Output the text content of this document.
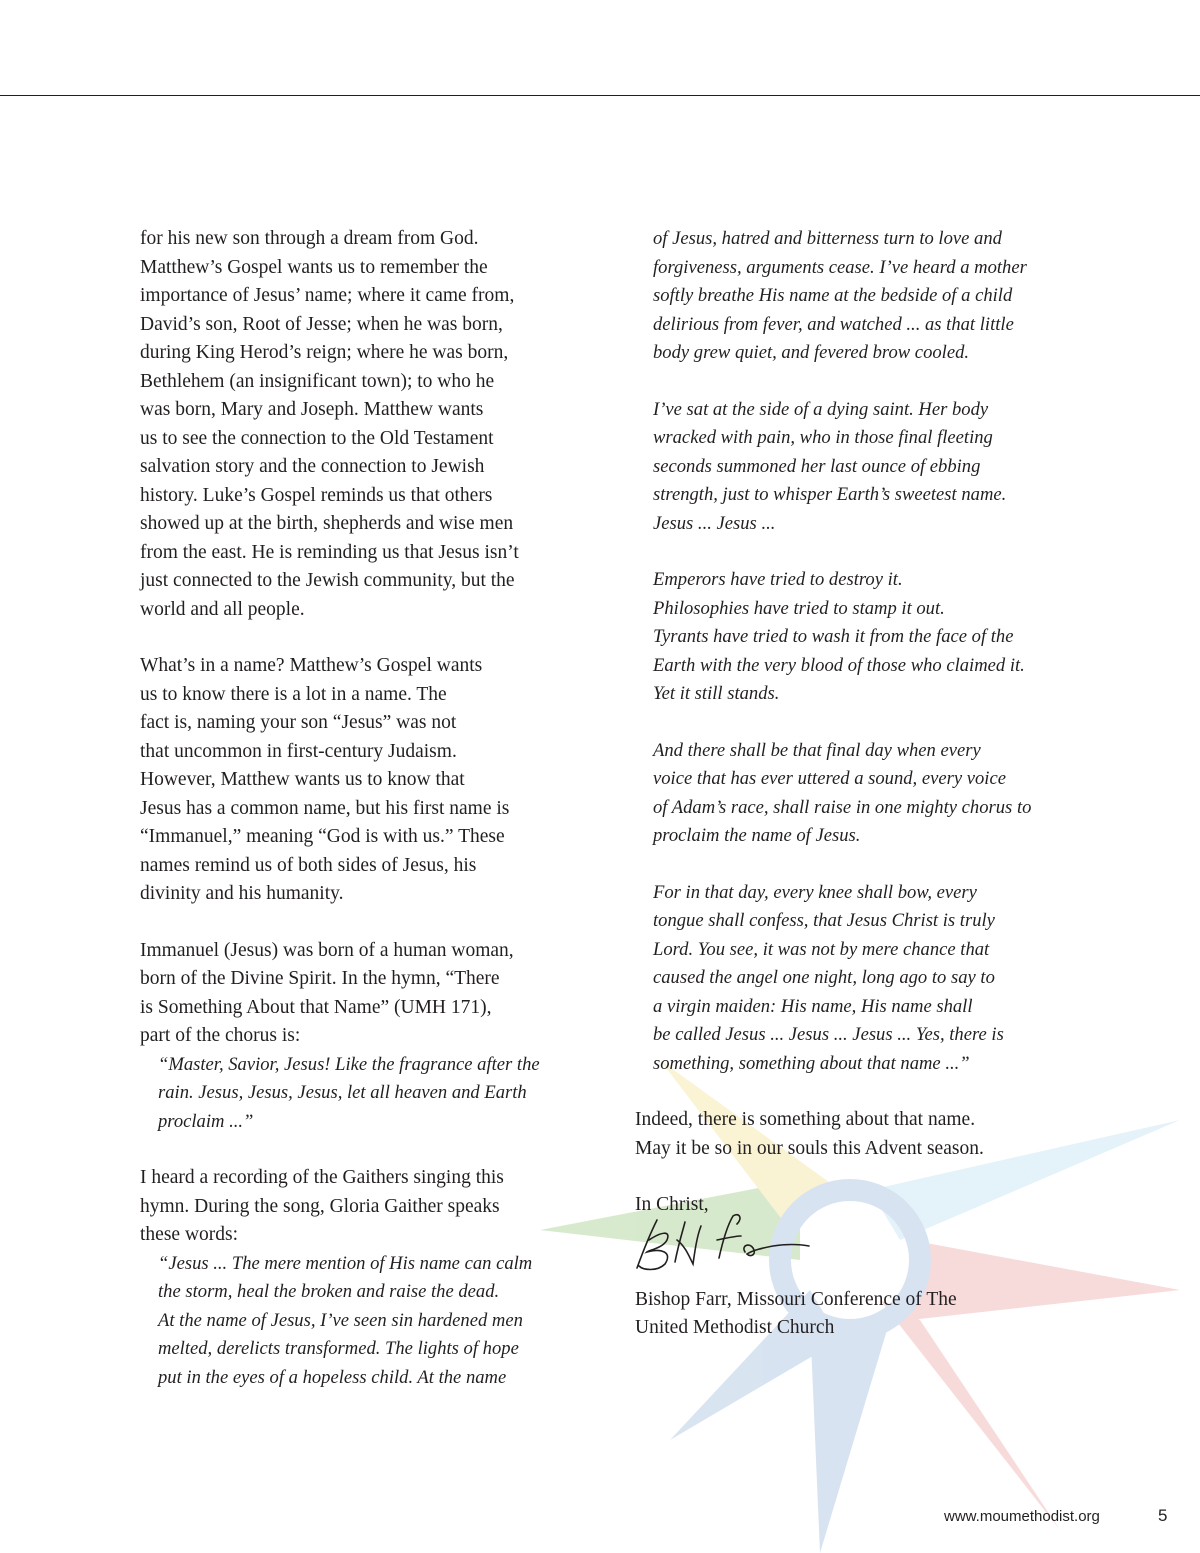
for his new son through a dream from God.
Matthew’s Gospel wants us to remember the
importance of Jesus’ name; where it came from,
David’s son, Root of Jesse; when he was born,
during King Herod’s reign; where he was born,
Bethlehem (an insignificant town); to who he
was born, Mary and Joseph. Matthew wants
us to see the connection to the Old Testament
salvation story and the connection to Jewish
history. Luke’s Gospel reminds us that others
showed up at the birth, shepherds and wise men
from the east. He is reminding us that Jesus isn’t
just connected to the Jewish community, but the
world and all people.

What’s in a name? Matthew’s Gospel wants
us to know there is a lot in a name. The
fact is, naming your son “Jesus” was not
that uncommon in first-century Judaism.
However, Matthew wants us to know that
Jesus has a common name, but his first name is
“Immanuel,” meaning “God is with us.” These
names remind us of both sides of Jesus, his
divinity and his humanity.

Immanuel (Jesus) was born of a human woman,
born of the Divine Spirit. In the hymn, “There
is Something About that Name” (UMH 171),
part of the chorus is:

“Master, Savior, Jesus! Like the fragrance after the
rain. Jesus, Jesus, Jesus, let all heaven and Earth
proclaim ...”

I heard a recording of the Gaithers singing this
hymn. During the song, Gloria Gaither speaks
these words:

“Jesus ... The mere mention of His name can calm
the storm, heal the broken and raise the dead.
At the name of Jesus, I’ve seen sin hardened men
melted, derelicts transformed. The lights of hope
put in the eyes of a hopeless child. At the name
of Jesus, hatred and bitterness turn to love and
forgiveness, arguments cease. I’ve heard a mother
softly breathe His name at the bedside of a child
delirious from fever, and watched ... as that little
body grew quiet, and fevered brow cooled.
I’ve sat at the side of a dying saint. Her body
wracked with pain, who in those final fleeting
seconds summoned her last ounce of ebbing
strength, just to whisper Earth’s sweetest name.
Jesus ... Jesus ...
Emperors have tried to destroy it.
Philosophies have tried to stamp it out.
Tyrants have tried to wash it from the face of the
Earth with the very blood of those who claimed it.
Yet it still stands.
And there shall be that final day when every
voice that has ever uttered a sound, every voice
of Adam’s race, shall raise in one mighty chorus to
proclaim the name of Jesus.
For in that day, every knee shall bow, every
tongue shall confess, that Jesus Christ is truly
Lord. You see, it was not by mere chance that
caused the angel one night, long ago to say to
a virgin maiden: His name, His name shall
be called Jesus ... Jesus ... Jesus ... Yes, there is
something, something about that name ...”

Indeed, there is something about that name.
May it be so in our souls this Advent season.

In Christ,

Bishop Farr, Missouri Conference of The
United Methodist Church

www.moumethodist.org	5
